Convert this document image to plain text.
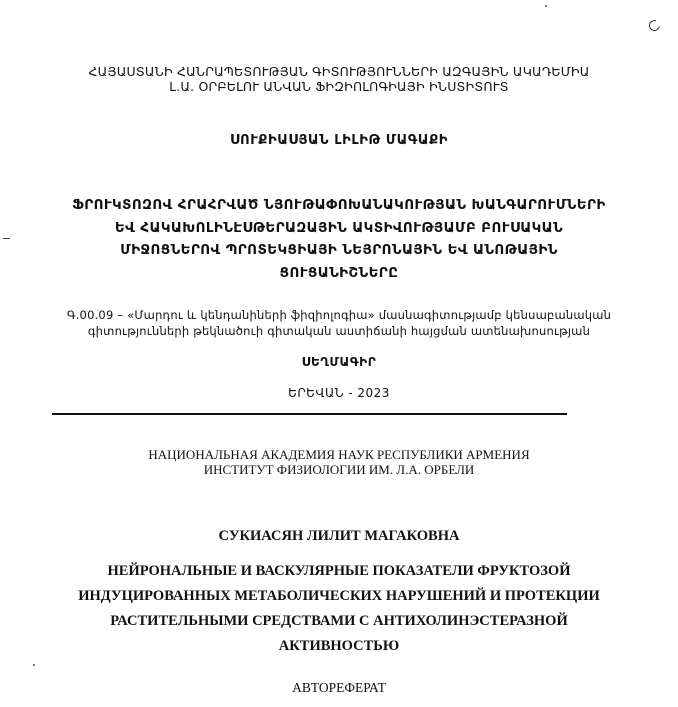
ՀԱՅԱՍՏԱՆԻ ՀԱՆՐԱՊԵՏՈՒԹՅԱՆ ԳԻՏՈՒԹՅՈՒՆՆԵՐԻ ԱԶԳԱՅԻՆ ԱԿԱԴԵՄԻԱ
Լ.Ա. ՕՐԲԵԼՈՒ ԱՆՎԱՆ ՖԻԶԻՈԼՈԳԻԱՅԻ ԻՆՍՏԻՏՈՒՏ
ՍՈՒՔԻԱՍՅԱՆ ԼԻԼԻԹ ՄԱԳԱՔԻ
ՖՐՈՒԿՏՈԶՈՎ ՀՐԱՀՐՎԱԾ ՆՅՈՒԹԱՓՈԽԱՆԱԿՈՒԹՅԱՆ ԽԱՆԳԱՐՈՒՄՆԵՐԻ
ԵՎ ՀԱԿԱԽՈԼԻՆԷՍԹԵՐԱԶԱՅԻՆ ԱԿՏԻՎՈՒԹՅԱՄԲ ԲՈՒՍԱԿԱՆ
ՄԻՋՈՑՆԵՐՈՎ ՊՐՈՏԵԿՑԻԱՅԻ ՆԵՅՐՈՆԱՅԻՆ ԵՎ ԱՆՈԹԱՅԻՆ
ՑՈՒՑԱՆԻՇՆԵՐԸ
Գ.00.09 – «Մարդու և կենդանիների ֆիզիոլոգիա» մասնագիտությամբ կենսաբանական
գիտությունների թեկնածուի գիտական աստիճանի հայցման ատենախոսության
ՍԵՂՄԱԳԻՐ
ԵՐԵՎԱՆ - 2023
НАЦИОНАЛЬНАЯ АКАДЕМИЯ НАУК РЕСПУБЛИКИ АРМЕНИЯ
ИНСТИТУТ ФИЗИОЛОГИИ ИМ. Л.А. ОРБЕЛИ
СУКИАСЯН ЛИЛИТ МАГАКОВНА
НЕЙРОНАЛЬНЫЕ И ВАСКУЛЯРНЫЕ ПОКАЗАТЕЛИ ФРУКТОЗОЙ
ИНДУЦИРОВАННЫХ МЕТАБОЛИЧЕСКИХ НАРУШЕНИЙ И ПРОТЕКЦИИ
РАСТИТЕЛЬНЫМИ СРЕДСТВАМИ С АНТИХОЛИНЭСТЕРАЗНОЙ
АКТИВНОСТЬЮ
АВТОРЕФЕРАТ
